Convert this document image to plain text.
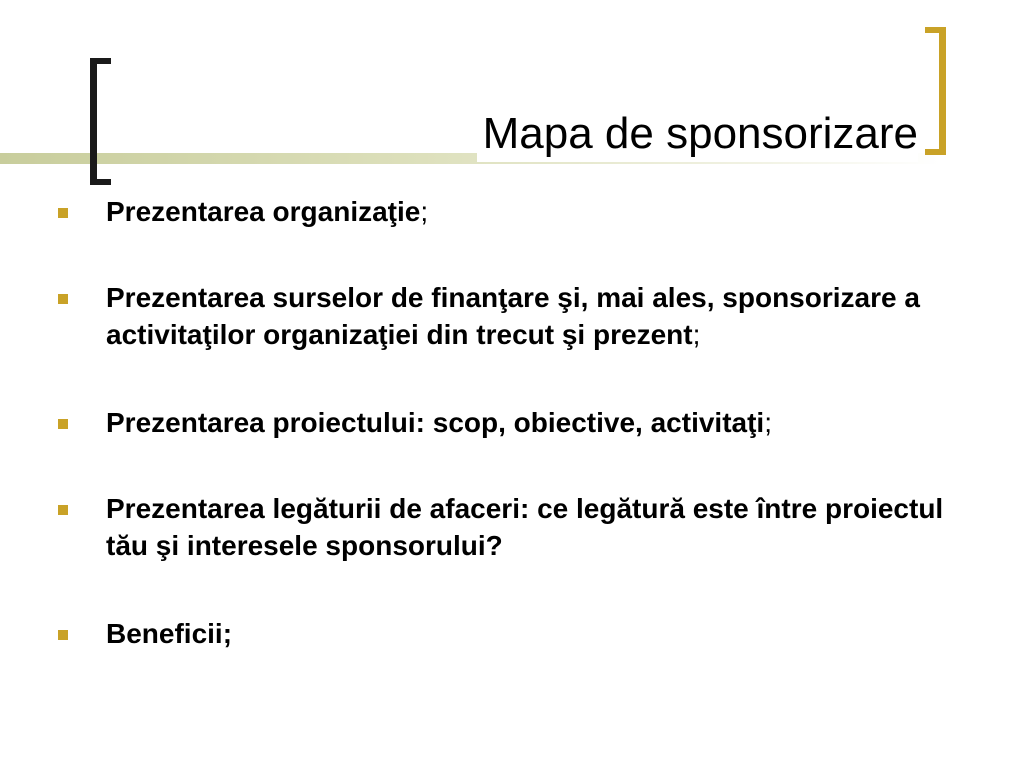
Mapa de sponsorizare
Prezentarea organizaţie;
Prezentarea surselor de finanţare şi, mai ales, sponsorizare a activitaţilor organizaţiei din trecut şi prezent;
Prezentarea proiectului: scop, obiective, activitaţi;
Prezentarea legăturii de afaceri: ce legătură este între proiectul tău şi interesele sponsorului?
Beneficii;
